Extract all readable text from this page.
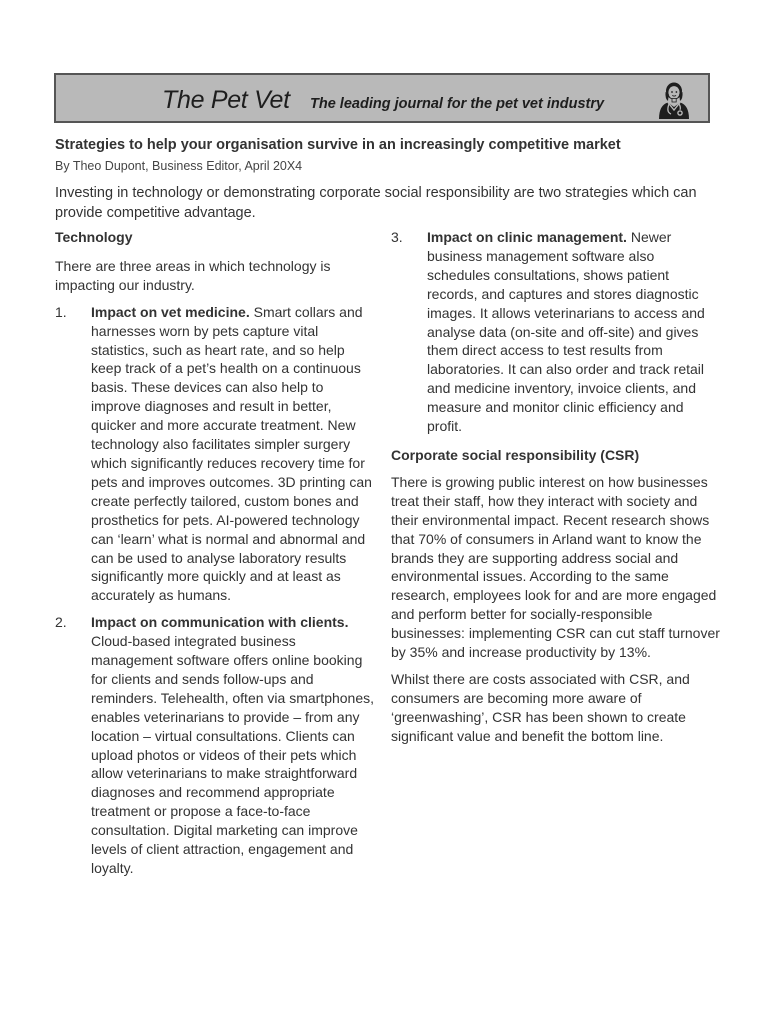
The Pet Vet The leading journal for the pet vet industry
Strategies to help your organisation survive in an increasingly competitive market
By Theo Dupont, Business Editor, April 20X4

Investing in technology or demonstrating corporate social responsibility are two strategies which can provide competitive advantage.

Technology

There are three areas in which technology is impacting our industry.

1. Impact on vet medicine. Smart collars and harnesses worn by pets capture vital statistics, such as heart rate, and so help keep track of a pet’s health on a continuous basis. These devices can also help to improve diagnoses and result in better, quicker and more accurate treatment. New technology also facilitates simpler surgery which significantly reduces recovery time for pets and improves outcomes. 3D printing can create perfectly tailored, custom bones and prosthetics for pets. AI-powered technology can ‘learn’ what is normal and abnormal and can be used to analyse laboratory results significantly more quickly and at least as accurately as humans.
2. Impact on communication with clients. Cloud-based integrated business management software offers online booking for clients and sends follow-ups and reminders. Telehealth, often via smartphones, enables veterinarians to provide – from any location – virtual consultations. Clients can upload photos or videos of their pets which allow veterinarians to make straightforward diagnoses and recommend appropriate treatment or propose a face-to-face consultation. Digital marketing can improve levels of client attraction, engagement and loyalty.
3. Impact on clinic management. Newer business management software also schedules consultations, shows patient records, and captures and stores diagnostic images. It allows veterinarians to access and analyse data (on-site and off-site) and gives them direct access to test results from laboratories. It can also order and track retail and medicine inventory, invoice clients, and measure and monitor clinic efficiency and profit.

Corporate social responsibility (CSR)

There is growing public interest on how businesses treat their staff, how they interact with society and their environmental impact. Recent research shows that 70% of consumers in Arland want to know the brands they are supporting address social and environmental issues. According to the same research, employees look for and are more engaged and perform better for socially-responsible businesses: implementing CSR can cut staff turnover by 35% and increase productivity by 13%.

Whilst there are costs associated with CSR, and consumers are becoming more aware of ‘greenwashing’, CSR has been shown to create significant value and benefit the bottom line.
